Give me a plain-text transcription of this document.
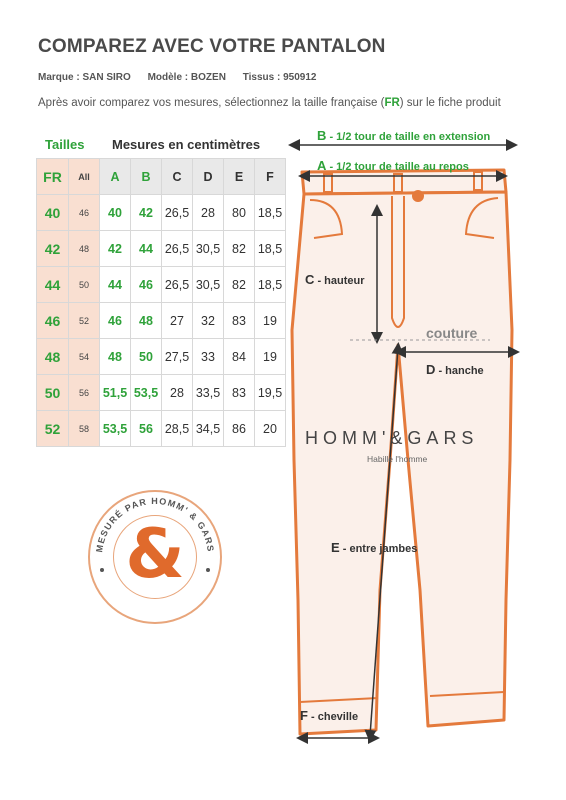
COMPAREZ AVEC VOTRE PANTALON
Marque : SAN SIRO Modèle : BOZEN Tissus : 950912
Après avoir comparez vos mesures, sélectionnez la taille française (FR) sur le fiche produit
Tailles Mesures en centimètres
FR	All	A	B	C	D	E	F
40	46	40	42	26,5	28	80	18,5
42	48	42	44	26,5	30,5	82	18,5
44	50	44	46	26,5	30,5	82	18,5
46	52	46	48	27	32	83	19
48	54	48	50	27,5	33	84	19
50	56	51,5	53,5	28	33,5	83	19,5
52	58	53,5	56	28,5	34,5	86	20
&
MESURÉ PAR HOMM' & GARS
B - 1/2 tour de taille en extension
A - 1/2 tour de taille au repos
C - hauteur
couture
D - hanche
HOMM'&GARS
Habille l'homme
E - entre jambes
F - cheville
